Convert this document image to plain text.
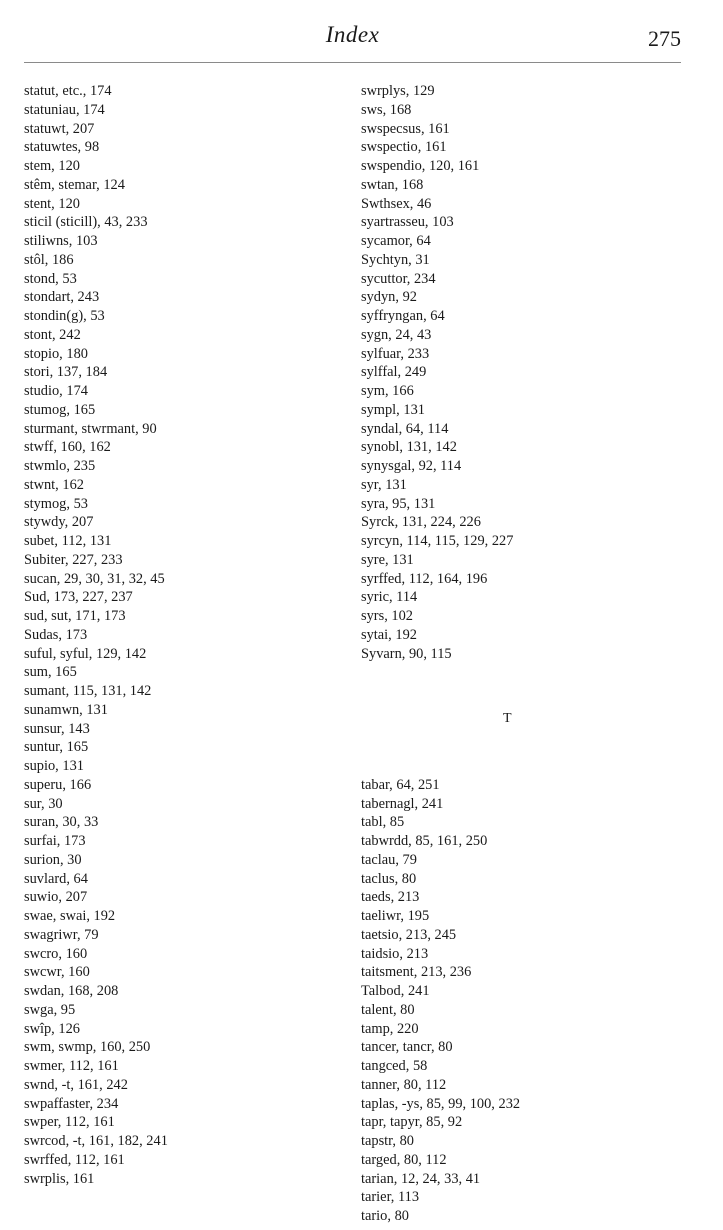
Index	275
statut, etc., 174
statuniau, 174
statuwt, 207
statuwtes, 98
stem, 120
stêm, stemar, 124
stent, 120
sticil (sticill), 43, 233
stiliwns, 103
stôl, 186
stond, 53
stondart, 243
stondin(g), 53
stont, 242
stopio, 180
stori, 137, 184
studio, 174
stumog, 165
sturmant, stwrmant, 90
stwff, 160, 162
stwmlo, 235
stwnt, 162
stymog, 53
stywdy, 207
subet, 112, 131
Subiter, 227, 233
sucan, 29, 30, 31, 32, 45
Sud, 173, 227, 237
sud, sut, 171, 173
Sudas, 173
suful, syful, 129, 142
sum, 165
sumant, 115, 131, 142
sunamwn, 131
sunsur, 143
suntur, 165
supio, 131
superu, 166
sur, 30
suran, 30, 33
surfai, 173
surion, 30
suvlard, 64
suwio, 207
swae, swai, 192
swagriwr, 79
swcro, 160
swcwr, 160
swdan, 168, 208
swga, 95
swîp, 126
swm, swmp, 160, 250
swmer, 112, 161
swnd, -t, 161, 242
swpaffaster, 234
swper, 112, 161
swrcod, -t, 161, 182, 241
swrffed, 112, 161
swrplis, 161
swrplys, 129
sws, 168
swspecsus, 161
swspectio, 161
swspendio, 120, 161
swtan, 168
Swthsex, 46
syartrasseu, 103
sycamor, 64
Sychtyn, 31
sycuttor, 234
sydyn, 92
syffryngan, 64
sygn, 24, 43
sylfuar, 233
sylffal, 249
sym, 166
sympl, 131
syndal, 64, 114
synobl, 131, 142
synysgal, 92, 114
syr, 131
syra, 95, 131
Syrck, 131, 224, 226
syrcyn, 114, 115, 129, 227
syre, 131
syrffed, 112, 164, 196
syric, 114
syrs, 102
sytai, 192
Syvarn, 90, 115
T
tabar, 64, 251
tabernagl, 241
tabl, 85
tabwrdd, 85, 161, 250
taclau, 79
taclus, 80
taeds, 213
taeliwr, 195
taetsio, 213, 245
taidsio, 213
taitsment, 213, 236
Talbod, 241
talent, 80
tamp, 220
tancer, tancr, 80
tangced, 58
tanner, 80, 112
taplas, -ys, 85, 99, 100, 232
tapr, tapyr, 85, 92
tapstr, 80
targed, 80, 112
tarian, 12, 24, 33, 41
tarier, 113
tario, 80
